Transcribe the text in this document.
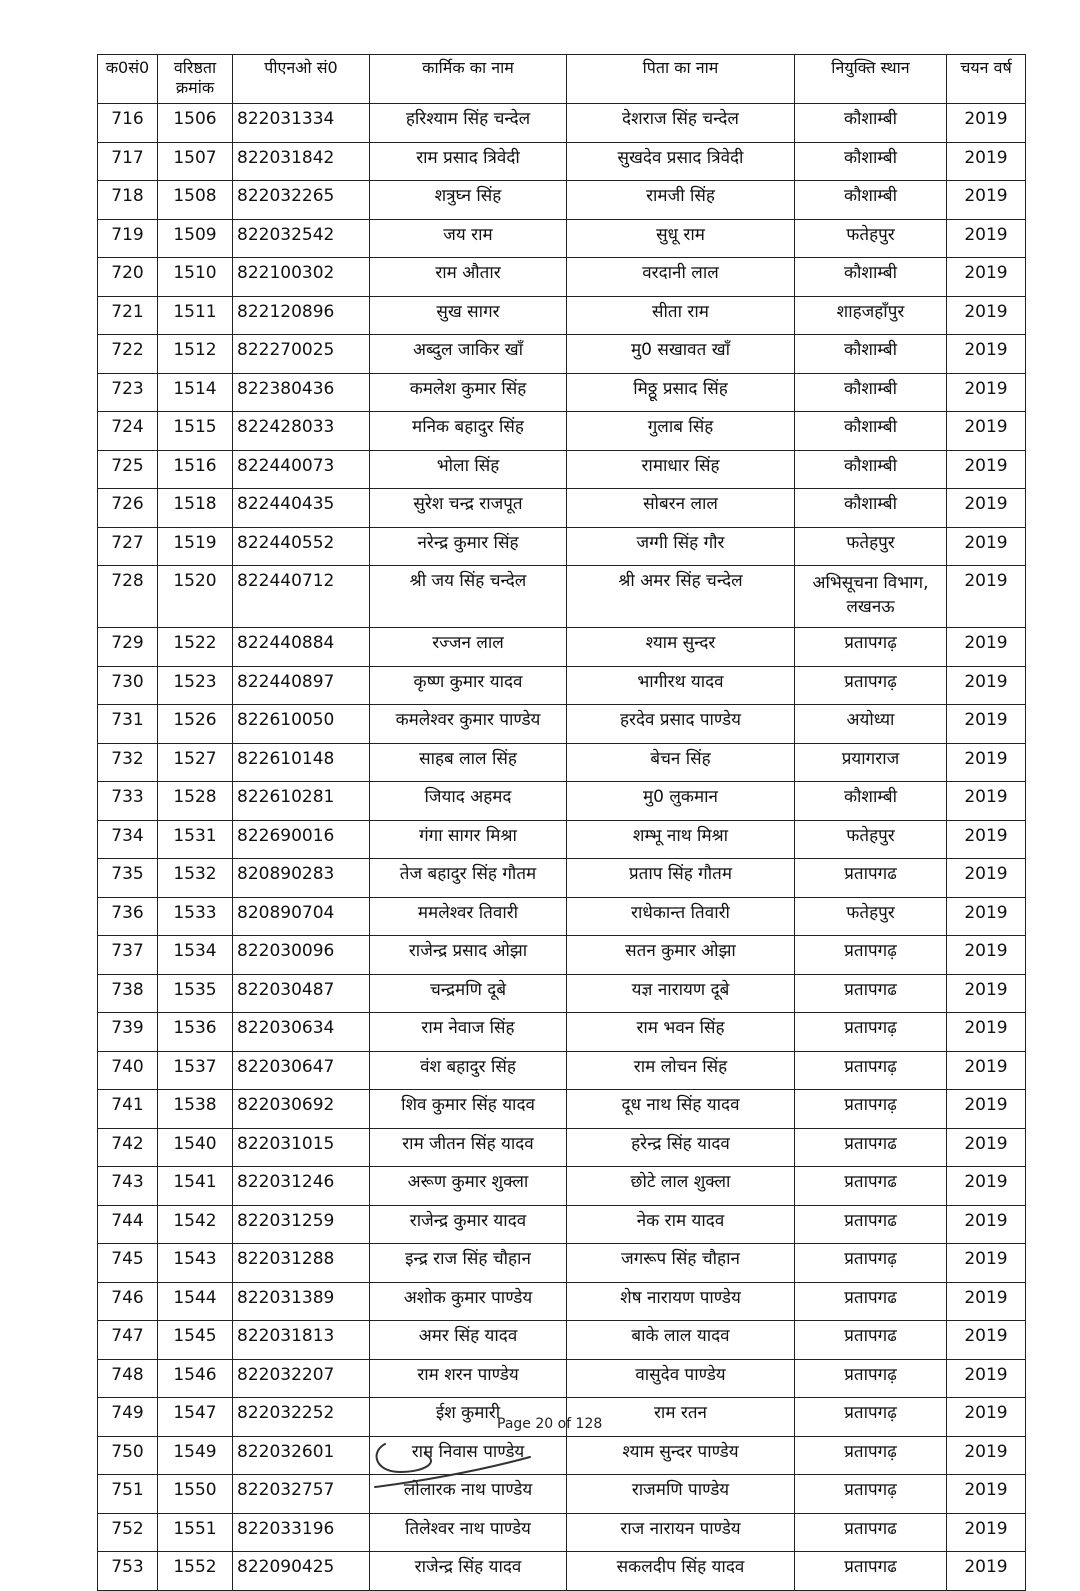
क0सं0	वरिष्ठता क्रमांक	पीएनओ सं0	कार्मिक का नाम	पिता का नाम	नियुक्ति स्थान	चयन वर्ष
716	1506	822031334	हरिश्याम सिंह चन्देल	देशराज सिंह चन्देल	कौशाम्बी	2019
717	1507	822031842	राम प्रसाद त्रिवेदी	सुखदेव प्रसाद त्रिवेदी	कौशाम्बी	2019
718	1508	822032265	शत्रुघ्न सिंह	रामजी सिंह	कौशाम्बी	2019
719	1509	822032542	जय राम	सुधू राम	फतेहपुर	2019
720	1510	822100302	राम औतार	वरदानी लाल	कौशाम्बी	2019
721	1511	822120896	सुख सागर	सीता राम	शाहजहाँपुर	2019
722	1512	822270025	अब्दुल जाकिर खाँ	मु0 सखावत खाँ	कौशाम्बी	2019
723	1514	822380436	कमलेश कुमार सिंह	मिठ्ठू प्रसाद सिंह	कौशाम्बी	2019
724	1515	822428033	मनिक बहादुर सिंह	गुलाब सिंह	कौशाम्बी	2019
725	1516	822440073	भोला सिंह	रामाधार सिंह	कौशाम्बी	2019
726	1518	822440435	सुरेश चन्द्र राजपूत	सोबरन लाल	कौशाम्बी	2019
727	1519	822440552	नरेन्द्र कुमार सिंह	जग्गी सिंह गौर	फतेहपुर	2019
728	1520	822440712	श्री जय सिंह चन्देल	श्री अमर सिंह चन्देल	अभिसूचना विभाग, लखनऊ	2019
729	1522	822440884	रज्जन लाल	श्याम सुन्दर	प्रतापगढ़	2019
730	1523	822440897	कृष्ण कुमार यादव	भागीरथ यादव	प्रतापगढ़	2019
731	1526	822610050	कमलेश्वर कुमार पाण्डेय	हरदेव प्रसाद पाण्डेय	अयोध्या	2019
732	1527	822610148	साहब लाल सिंह	बेचन सिंह	प्रयागराज	2019
733	1528	822610281	जियाद अहमद	मु0 लुकमान	कौशाम्बी	2019
734	1531	822690016	गंगा सागर मिश्रा	शम्भू नाथ मिश्रा	फतेहपुर	2019
735	1532	820890283	तेज बहादुर सिंह गौतम	प्रताप सिंह गौतम	प्रतापगढ	2019
736	1533	820890704	ममलेश्वर तिवारी	राधेकान्त तिवारी	फतेहपुर	2019
737	1534	822030096	राजेन्द्र प्रसाद ओझा	सतन कुमार ओझा	प्रतापगढ़	2019
738	1535	822030487	चन्द्रमणि दूबे	यज्ञ नारायण दूबे	प्रतापगढ	2019
739	1536	822030634	राम नेवाज सिंह	राम भवन सिंह	प्रतापगढ़	2019
740	1537	822030647	वंश बहादुर सिंह	राम लोचन सिंह	प्रतापगढ़	2019
741	1538	822030692	शिव कुमार सिंह यादव	दूध नाथ सिंह यादव	प्रतापगढ़	2019
742	1540	822031015	राम जीतन सिंह यादव	हरेन्द्र सिंह यादव	प्रतापगढ	2019
743	1541	822031246	अरूण कुमार शुक्ला	छोटे लाल शुक्ला	प्रतापगढ	2019
744	1542	822031259	राजेन्द्र कुमार यादव	नेक राम यादव	प्रतापगढ	2019
745	1543	822031288	इन्द्र राज सिंह चौहान	जगरूप सिंह चौहान	प्रतापगढ़	2019
746	1544	822031389	अशोक कुमार पाण्डेय	शेष नारायण पाण्डेय	प्रतापगढ	2019
747	1545	822031813	अमर सिंह यादव	बाके लाल यादव	प्रतापगढ	2019
748	1546	822032207	राम शरन पाण्डेय	वासुदेव पाण्डेय	प्रतापगढ़	2019
749	1547	822032252	ईश कुमारी	राम रतन	प्रतापगढ़	2019
750	1549	822032601	राम निवास पाण्डेय	श्याम सुन्दर पाण्डेय	प्रतापगढ़	2019
751	1550	822032757	लोलारक नाथ पाण्डेय	राजमणि पाण्डेय	प्रतापगढ़	2019
752	1551	822033196	तिलेश्वर नाथ पाण्डेय	राज नारायन पाण्डेय	प्रतापगढ	2019
753	1552	822090425	राजेन्द्र सिंह यादव	सकलदीप सिंह यादव	प्रतापगढ	2019
Page 20 of 128
